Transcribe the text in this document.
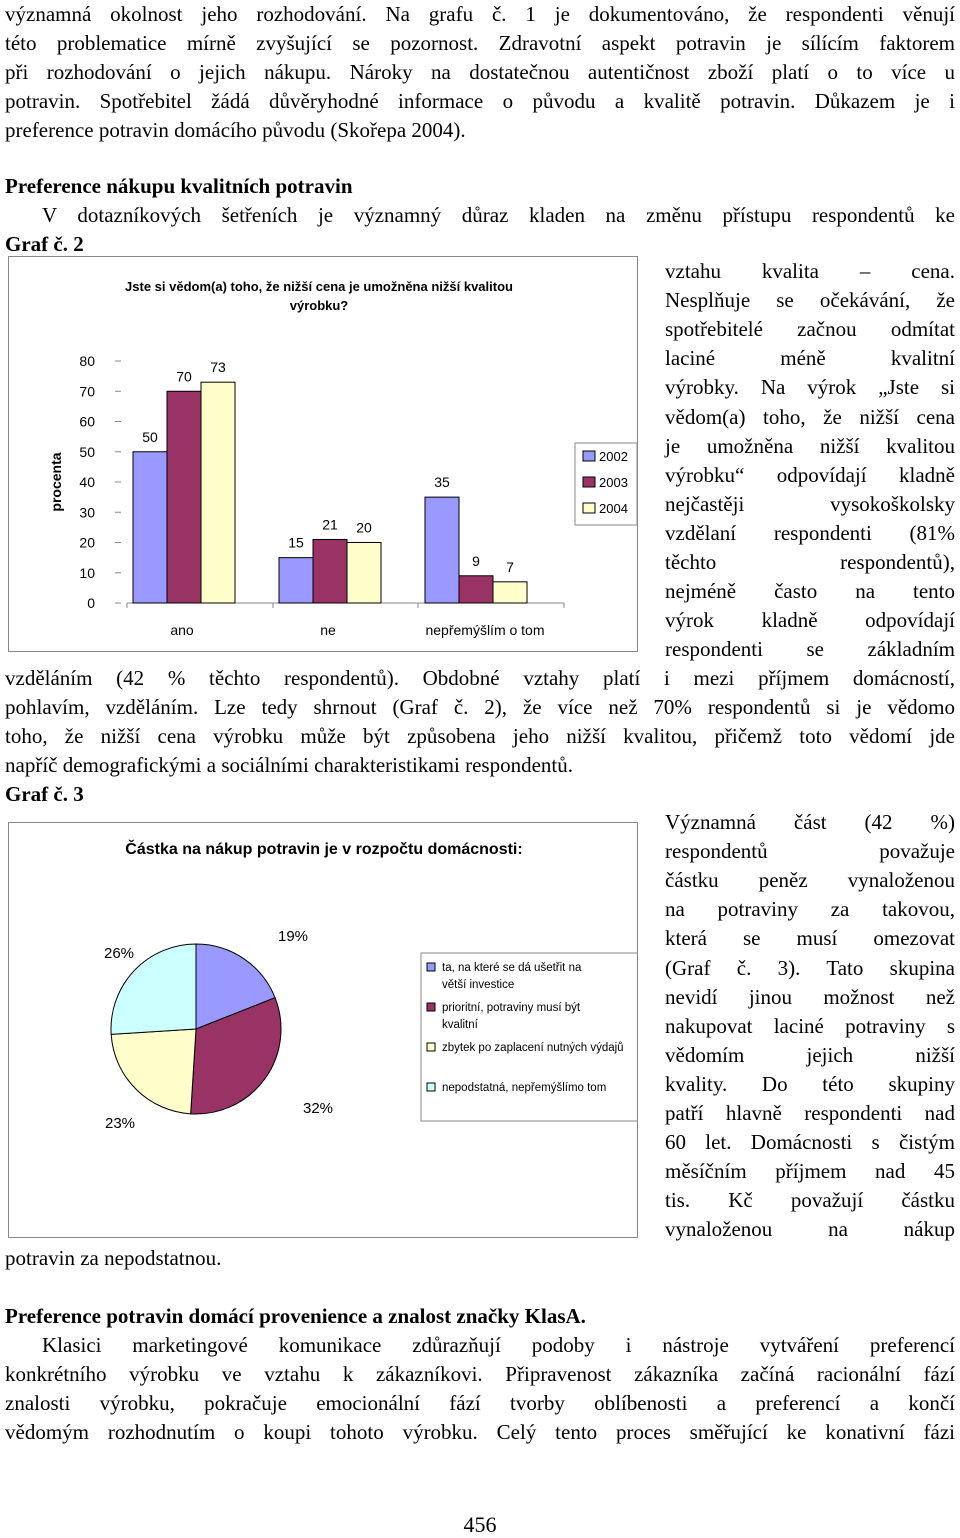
významná okolnost jeho rozhodování. Na grafu č. 1 je dokumentováno, že respondenti věnují

této problematice mírně zvyšující se pozornost. Zdravotní aspekt potravin je sílícím faktorem

při rozhodování o jejich nákupu. Nároky na dostatečnou autentičnost zboží platí o to více u

potravin. Spotřebitel žádá důvěryhodné informace o původu a kvalitě potravin. Důkazem je i

preference potravin domácího původu (Skořepa 2004).

Preference nákupu kvalitních potravin

V dotazníkových šetřeních je významný důraz kladen na změnu přístupu respondentů ke

Graf č. 2

vztahu kvalita – cena.

Nesplňuje se očekávání, že

spotřebitelé začnou odmítat

laciné méně kvalitní

výrobky. Na výrok „Jste si

vědom(a) toho, že nižší cena

je umožněna nižší kvalitou

výrobku“ odpovídají kladně

nejčastěji vysokoškolsky

vzdělaní respondenti (81%

těchto respondentů),

nejméně často na tento

výrok kladně odpovídají

respondenti se základním

Jste si vědom(a) toho, že nižší cena je umožněna nižší kvalitou
výrobku?
procenta
0
10
20
30
40
50
60
70
80
ano
50
70
73
ne
15
21 20
nepřemýšlím o tom
35
9 7
2002
2003
2004

vzděláním (42 % těchto respondentů). Obdobné vztahy platí i mezi příjmem domácností,

pohlavím, vzděláním. Lze tedy shrnout (Graf č. 2), že více než 70% respondentů si je vědomo

toho, že nižší cena výrobku může být způsobena jeho nižší kvalitou, přičemž toto vědomí jde

napříč demografickými a sociálními charakteristikami respondentů.

Graf č. 3

Významná část (42 %)

respondentů považuje

částku peněz vynaloženou

na potraviny za takovou,

která se musí omezovat

(Graf č. 3). Tato skupina

nevidí jinou možnost než

nakupovat laciné potraviny s

vědomím jejich nižší

kvality. Do této skupiny

patří hlavně respondenti nad

60 let. Domácnosti s čistým

měsíčním příjmem nad 45

tis. Kč považují částku

vynaloženou na nákup

Částka na nákup potravin je v rozpočtu domácnosti:
19%
32%
23%
26%
ta, na které se dá ušetřit na
větší investice
prioritní, potraviny musí být
kvalitní
zbytek po zaplacení nutných výdajů
nepodstatná, nepřemýšlímo tom

potravin za nepodstatnou.

Preference potravin domácí provenience a znalost značky KlasA.

Klasici marketingové komunikace zdůrazňují podoby i nástroje vytváření preferencí

konkrétního výrobku ve vztahu k zákazníkovi. Připravenost zákazníka začíná racionální fází

znalosti výrobku, pokračuje emocionální fází tvorby oblíbenosti a preferencí a končí

vědomým rozhodnutím o koupi tohoto výrobku. Celý tento proces směřující ke konativní fázi

456
